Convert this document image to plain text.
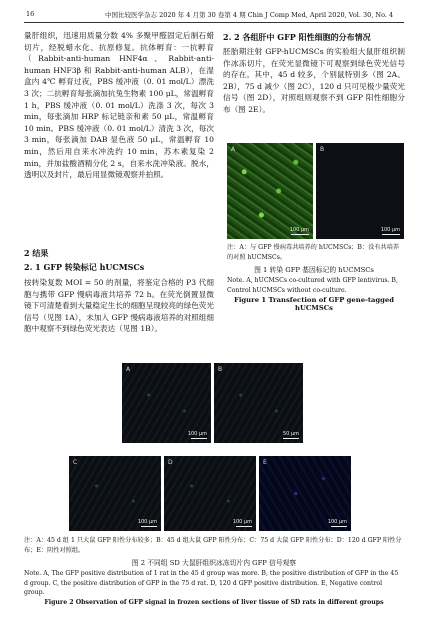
16	中国比较医学杂志 2020 年 4 月第 30 卷第 4 期 Chin J Comp Med, April 2020, Vol. 30, No. 4

量肝组织，迅速用质量分数 4% 多聚甲醛固定后制石蜡切片，经脱蜡水化、抗原修复。抗体孵育：一抗孵育（Rabbit-anti-human HNF4α、Rabbit-anti-human HNF3β 和 Rabbit-anti-human ALB），在湿盒内 4℃ 孵育过夜，PBS 缓冲液（0. 01 mol/L）漂洗 3 次；二抗孵育每张滴加抗兔生物素 100 μL，常温孵育 1 h，PBS 缓冲液（0. 01 mol/L）洗涤 3 次，每次 3 min，每张滴加 HRP 标记链亲和素 50 μL，常温孵育 10 min。PBS 缓冲液（0. 01 mol/L）清洗 3 次，每次 3 min，每张滴加 DAB 显色液 50 μL，常温孵育 10 min，然后用自来水冲洗约 10 min，苏木素复染 2 min，并加盐酸酒精分化 2 s，自来水洗冲染液。脱水，透明以及封片，最后用显微镜观察并拍照。

2 结果
2. 1 GFP 转染标记 hUCMSCs

按转染复数 MOI = 50 的剂量，将鉴定合格的 P3 代细胞与携带 GFP 慢病毒液共培养 72 h。在荧光倒置显微镜下可清楚看到大量稳定生长的细胞呈现较亮的绿色荧光信号（见图 1A），未加入 GFP 慢病毒液培养的对照组细胞中观察不到绿色荧光表达（见图 1B）。

2. 2 各组肝中 GFP 阳性细胞的分布情况

胚胎期注射 GFP-hUCMSCs 的实验组大鼠肝组织制作冰冻切片，在荧光显微镜下可观察到绿色荧光信号的存在。其中，45 d 较多，个别鼠特别多（图 2A、2B），75 d 减少（图 2C），120 d 只可见极少量荧光信号（图 2D），对照组则观察不到 GFP 阳性细胞分布（图 2E）。

A
100 μm
B
100 μm
注：A：与 GFP 慢病毒共培养的 hUCMSCs；B：没有共培养的对照 hUCMSCs。
图 1 转染 GFP 基因标记的 hUCMSCs
Note. A, hUCMSCs co-cultured with GFP lentivirus. B, Control hUCMSCs without co-culture.
Figure 1 Transfection of GFP gene-tagged hUCMSCs
A
100 μm
B
50 μm
C
100 μm
D
100 μm
E
100 μm
注：A：45 d 组 1 只大鼠 GFP 阳性分布较多；B：45 d 组大鼠 GFP 阳性分布；C：75 d 大鼠 GFP 阳性分布；D：120 d GFP 阳性分布；E：阴性对照组。
图 2 不同组 SD 大鼠肝组织冰冻切片内 GFP 信号观察
Note. A, The GFP positive distribution of 1 rat in the 45 d group was more. B, the positive distribution of GFP in the 45 d group. C, the positive distribution of GFP in the 75 d rat. D, 120 d GFP positive distribution. E, Negative control group.
Figure 2 Observation of GFP signal in frozen sections of liver tissue of SD rats in different groups
